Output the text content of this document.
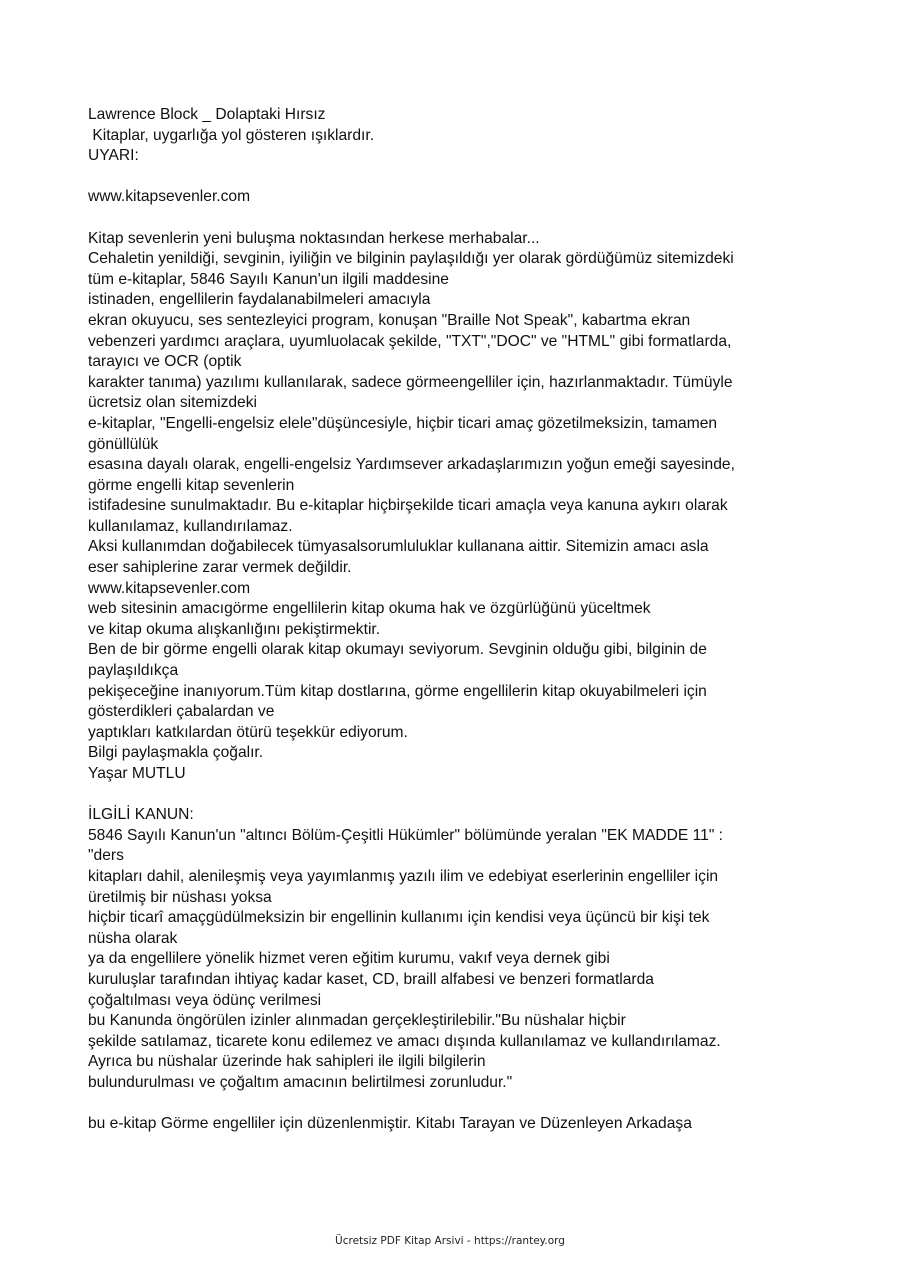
Lawrence Block _ Dolaptaki Hırsız
Kitaplar, uygarlığa yol gösteren ışıklardır.
UYARI:
www.kitapsevenler.com
Kitap sevenlerin yeni buluşma noktasından herkese merhabalar...
Cehaletin yenildiği, sevginin, iyiliğin ve bilginin paylaşıldığı yer olarak gördüğümüz sitemizdeki
tüm e-kitaplar, 5846 Sayılı Kanun'un ilgili maddesine
istinaden, engellilerin faydalanabilmeleri amacıyla
ekran okuyucu, ses sentezleyici program, konuşan "Braille Not Speak", kabartma ekran
vebenzeri yardımcı araçlara, uyumluolacak şekilde, "TXT","DOC" ve "HTML" gibi formatlarda,
tarayıcı ve OCR (optik
karakter tanıma) yazılımı kullanılarak, sadece görmeengelliler için, hazırlanmaktadır. Tümüyle
ücretsiz olan sitemizdeki
e-kitaplar, "Engelli-engelsiz elele"düşüncesiyle, hiçbir ticari amaç gözetilmeksizin, tamamen
gönüllülük
esasına dayalı olarak, engelli-engelsiz Yardımsever arkadaşlarımızın yoğun emeği sayesinde,
görme engelli kitap sevenlerin
istifadesine sunulmaktadır. Bu e-kitaplar hiçbirşekilde ticari amaçla veya kanuna aykırı olarak
kullanılamaz, kullandırılamaz.
Aksi kullanımdan doğabilecek tümyasalsorumluluklar kullanana aittir. Sitemizin amacı asla
eser sahiplerine zarar vermek değildir.
www.kitapsevenler.com
web sitesinin amacıgörme engellilerin kitap okuma hak ve özgürlüğünü yüceltmek
ve kitap okuma alışkanlığını pekiştirmektir.
Ben de bir görme engelli olarak kitap okumayı seviyorum. Sevginin olduğu gibi, bilginin de
paylaşıldıkça
pekişeceğine inanıyorum.Tüm kitap dostlarına, görme engellilerin kitap okuyabilmeleri için
gösterdikleri çabalardan ve
yaptıkları katkılardan ötürü teşekkür ediyorum.
Bilgi paylaşmakla çoğalır.
Yaşar MUTLU
İLGİLİ KANUN:
5846 Sayılı Kanun'un "altıncı Bölüm-Çeşitli Hükümler" bölümünde yeralan "EK MADDE 11" :
"ders
kitapları dahil, alenileşmiş veya yayımlanmış yazılı ilim ve edebiyat eserlerinin engelliler için
üretilmiş bir nüshası yoksa
hiçbir ticarî amaçgüdülmeksizin bir engellinin kullanımı için kendisi veya üçüncü bir kişi tek
nüsha olarak
ya da engellilere yönelik hizmet veren eğitim kurumu, vakıf veya dernek gibi
kuruluşlar tarafından ihtiyaç kadar kaset, CD, braill alfabesi ve benzeri formatlarda
çoğaltılması veya ödünç verilmesi
bu Kanunda öngörülen izinler alınmadan gerçekleştirilebilir."Bu nüshalar hiçbir
şekilde satılamaz, ticarete konu edilemez ve amacı dışında kullanılamaz ve kullandırılamaz.
Ayrıca bu nüshalar üzerinde hak sahipleri ile ilgili bilgilerin
bulundurulması ve çoğaltım amacının belirtilmesi zorunludur."
bu e-kitap Görme engelliler için düzenlenmiştir. Kitabı Tarayan ve Düzenleyen Arkadaşa
Ücretsiz PDF Kitap Arsivi - https://rantey.org
